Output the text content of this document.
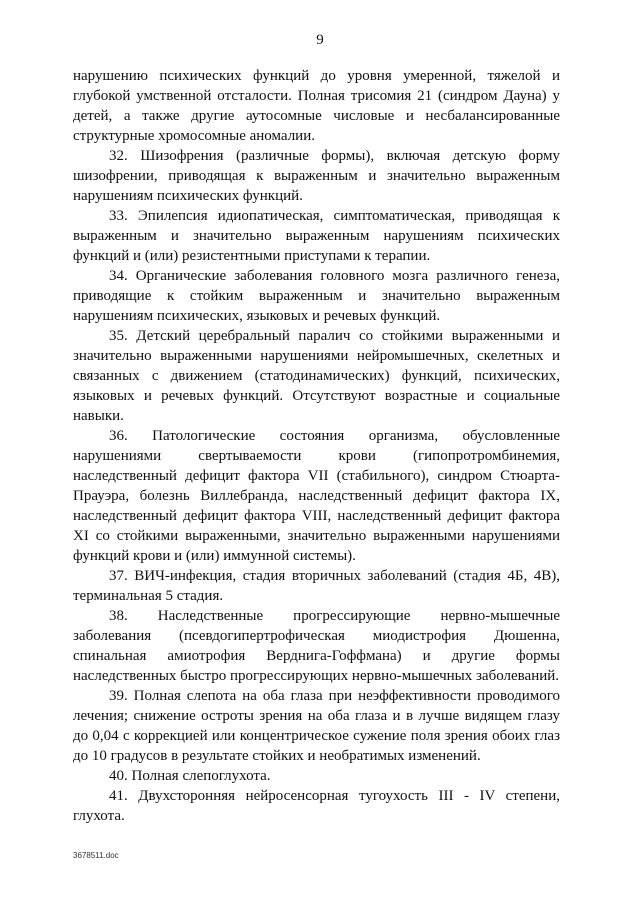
9

нарушению психических функций до уровня умеренной, тяжелой и глубокой умственной отсталости. Полная трисомия 21 (синдром Дауна) у детей, а также другие аутосомные числовые и несбалансированные структурные хромосомные аномалии.

32. Шизофрения (различные формы), включая детскую форму шизофрении, приводящая к выраженным и значительно выраженным нарушениям психических функций.

33. Эпилепсия идиопатическая, симптоматическая, приводящая к выраженным и значительно выраженным нарушениям психических функций и (или) резистентными приступами к терапии.

34. Органические заболевания головного мозга различного генеза, приводящие к стойким выраженным и значительно выраженным нарушениям психических, языковых и речевых функций.

35. Детский церебральный паралич со стойкими выраженными и значительно выраженными нарушениями нейромышечных, скелетных и связанных с движением (статодинамических) функций, психических, языковых и речевых функций. Отсутствуют возрастные и социальные навыки.

36. Патологические состояния организма, обусловленные нарушениями свертываемости крови (гипопротромбинемия, наследственный дефицит фактора VII (стабильного), синдром Стюарта-Прауэра, болезнь Виллебранда, наследственный дефицит фактора IX, наследственный дефицит фактора VIII, наследственный дефицит фактора XI со стойкими выраженными, значительно выраженными нарушениями функций крови и (или) иммунной системы).

37. ВИЧ-инфекция, стадия вторичных заболеваний (стадия 4Б, 4В), терминальная 5 стадия.

38. Наследственные прогрессирующие нервно-мышечные заболевания (псевдогипертрофическая миодистрофия Дюшенна, спинальная амиотрофия Верднига-Гоффмана) и другие формы наследственных быстро прогрессирующих нервно-мышечных заболеваний.

39. Полная слепота на оба глаза при неэффективности проводимого лечения; снижение остроты зрения на оба глаза и в лучше видящем глазу до 0,04 с коррекцией или концентрическое сужение поля зрения обоих глаз до 10 градусов в результате стойких и необратимых изменений.

40. Полная слепоглухота.

41. Двухсторонняя нейросенсорная тугоухость III - IV степени, глухота.

3678511.doc
